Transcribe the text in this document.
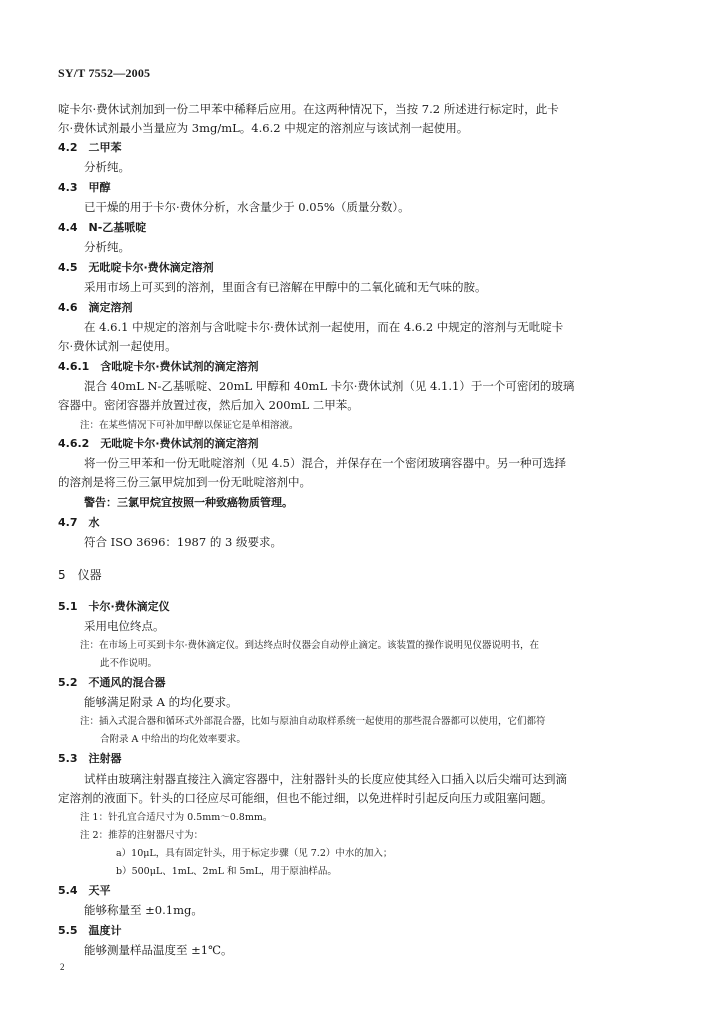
SY/T 7552—2005
啶卡尔·费休试剂加到一份二甲苯中稀释后应用。在这两种情况下，当按 7.2 所述进行标定时，此卡
尔·费休试剂最小当量应为 3mg/mL。4.6.2 中规定的溶剂应与该试剂一起使用。
4.2　二甲苯
分析纯。
4.3　甲醇
已干燥的用于卡尔·费休分析，水含量少于 0.05%（质量分数）。
4.4　N-乙基哌啶
分析纯。
4.5　无吡啶卡尔·费休滴定溶剂
采用市场上可买到的溶剂，里面含有已溶解在甲醇中的二氧化硫和无气味的胺。
4.6　滴定溶剂
在 4.6.1 中规定的溶剂与含吡啶卡尔·费休试剂一起使用，而在 4.6.2 中规定的溶剂与无吡啶卡
尔·费休试剂一起使用。
4.6.1　含吡啶卡尔·费休试剂的滴定溶剂
混合 40mL N-乙基哌啶、20mL 甲醇和 40mL 卡尔·费休试剂（见 4.1.1）于一个可密闭的玻璃
容器中。密闭容器并放置过夜，然后加入 200mL 二甲苯。
注：在某些情况下可补加甲醇以保证它是单相溶液。
4.6.2　无吡啶卡尔·费休试剂的滴定溶剂
将一份三甲苯和一份无吡啶溶剂（见 4.5）混合，并保存在一个密闭玻璃容器中。另一种可选择
的溶剂是将三份三氯甲烷加到一份无吡啶溶剂中。
警告：三氯甲烷宜按照一种致癌物质管理。
4.7　水
符合 ISO 3696：1987 的 3 级要求。
5　仪器
5.1　卡尔·费休滴定仪
采用电位终点。
注：在市场上可买到卡尔·费休滴定仪。到达终点时仪器会自动停止滴定。该装置的操作说明见仪器说明书，在
此不作说明。
5.2　不通风的混合器
能够满足附录 A 的均化要求。
注：插入式混合器和循环式外部混合器，比如与原油自动取样系统一起使用的那些混合器都可以使用，它们都符
合附录 A 中给出的均化效率要求。
5.3　注射器
试样由玻璃注射器直接注入滴定容器中，注射器针头的长度应使其经入口插入以后尖端可达到滴
定溶剂的液面下。针头的口径应尽可能细，但也不能过细，以免进样时引起反向压力或阻塞问题。
注 1：针孔宜合适尺寸为 0.5mm～0.8mm。
注 2：推荐的注射器尺寸为：
a）10μL，具有固定针头，用于标定步骤（见 7.2）中水的加入；
b）500μL、1mL、2mL 和 5mL，用于原油样品。
5.4　天平
能够称量至 ±0.1mg。
5.5　温度计
能够测量样品温度至 ±1℃。
2
